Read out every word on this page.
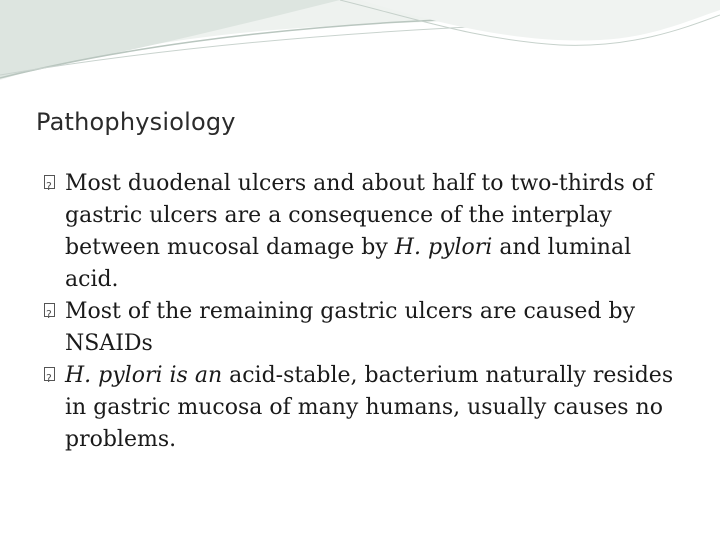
Pathophysiology
?
Most duodenal ulcers and about half to two-thirds of gastric ulcers are a consequence of the interplay between mucosal damage by H. pylori and luminal acid.
?
Most of the remaining gastric ulcers are caused by NSAIDs
?
H. pylori is an acid-stable, bacterium naturally resides in gastric mucosa of many humans, usually causes no problems.
